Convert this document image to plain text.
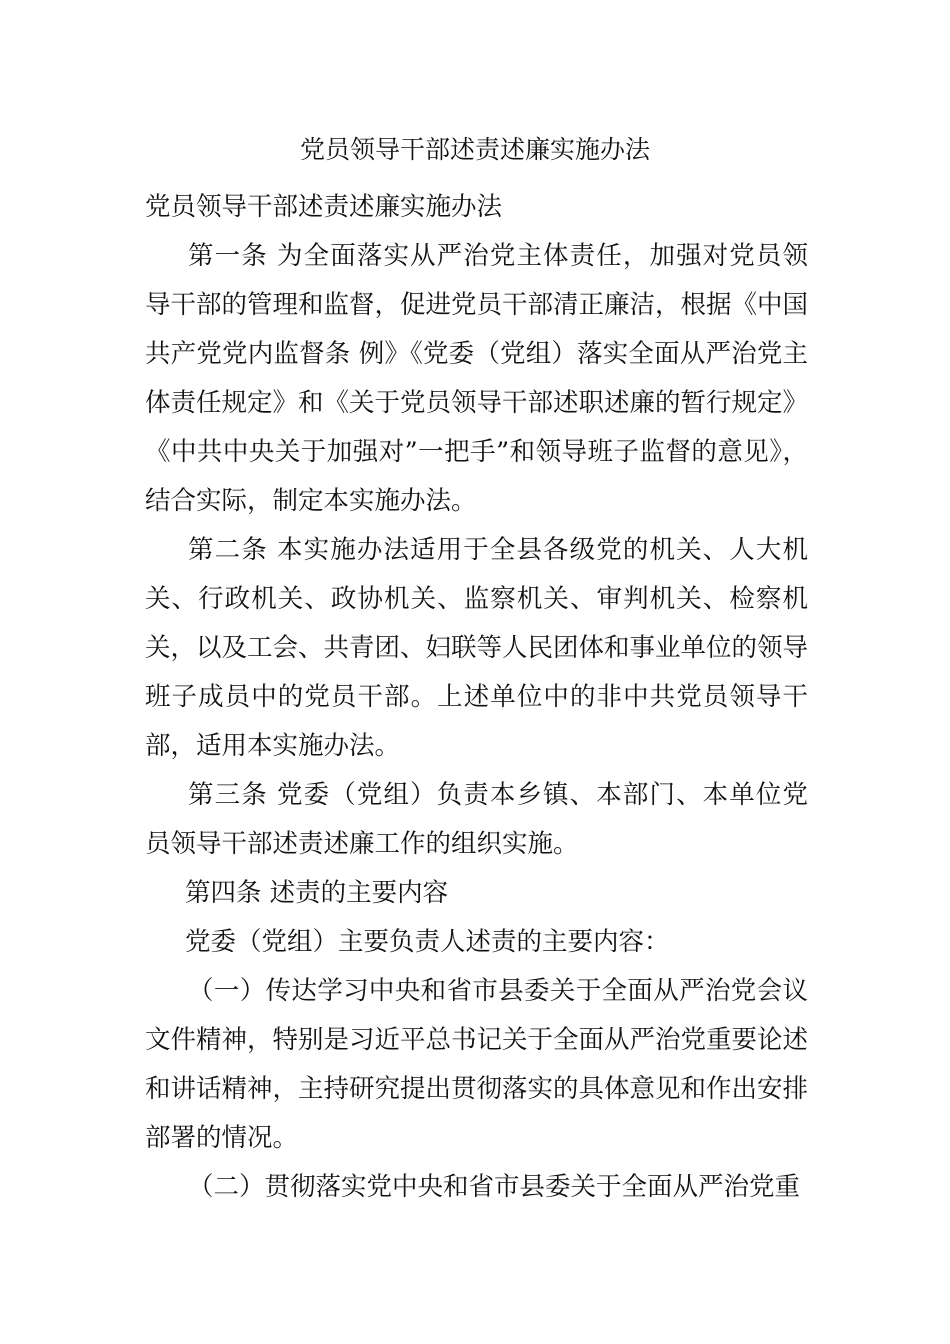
党员领导干部述责述廉实施办法

党员领导干部述责述廉实施办法

第一条 为全面落实从严治党主体责任，加强对党员领导干部的管理和监督，促进党员干部清正廉洁，根据《中国共产党党内监督条 例》《党委（党组）落实全面从严治党主体责任规定》和《关于党员领导干部述职述廉的暂行规定》《中共中央关于加强对”一把手”和领导班子监督的意见》，结合实际，制定本实施办法。

第二条 本实施办法适用于全县各级党的机关、人大机关、行政机关、政协机关、监察机关、审判机关、检察机关，以及工会、共青团、妇联等人民团体和事业单位的领导班子成员中的党员干部。上述单位中的非中共党员领导干部，适用本实施办法。

第三条 党委（党组）负责本乡镇、本部门、本单位党员领导干部述责述廉工作的组织实施。

第四条 述责的主要内容

党委（党组）主要负责人述责的主要内容：

（一）传达学习中央和省市县委关于全面从严治党会议文件精神，特别是习近平总书记关于全面从严治党重要论述和讲话精神，主持研究提出贯彻落实的具体意见和作出安排部署的情况。

（二）贯彻落实党中央和省市县委关于全面从严治党重
